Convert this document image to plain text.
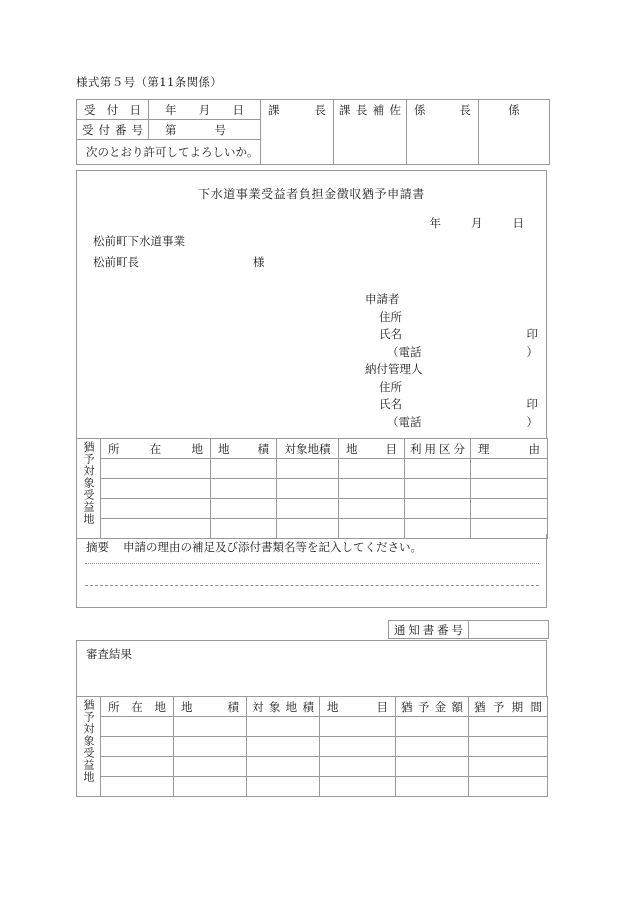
様式第５号（第11条関係）
受 付 日	年 月 日	課 長	課 長 補 佐	係 長	係

受 付 番 号	第 号				

次のとおり許可してよろしいか。					
下水道事業受益者負担金徴収猶予申請書
年	月	日
松前町下水道事業
松前町長	様
申請者
住所
氏名	印
（電話	）
納付管理人
住所
氏名	印
（電話	）
猶予対象受益地	所 在 地	地 積	対象地積	地 目	利 用 区 分	理 由

摘要 申請の理由の補足及び添付書類名等を記入してください。
通 知 書 番 号

審査結果
猶予対象受益地	所 在 地	地 積	対 象 地 積	地 目	猶 予 金 額	猶 予 期 間
